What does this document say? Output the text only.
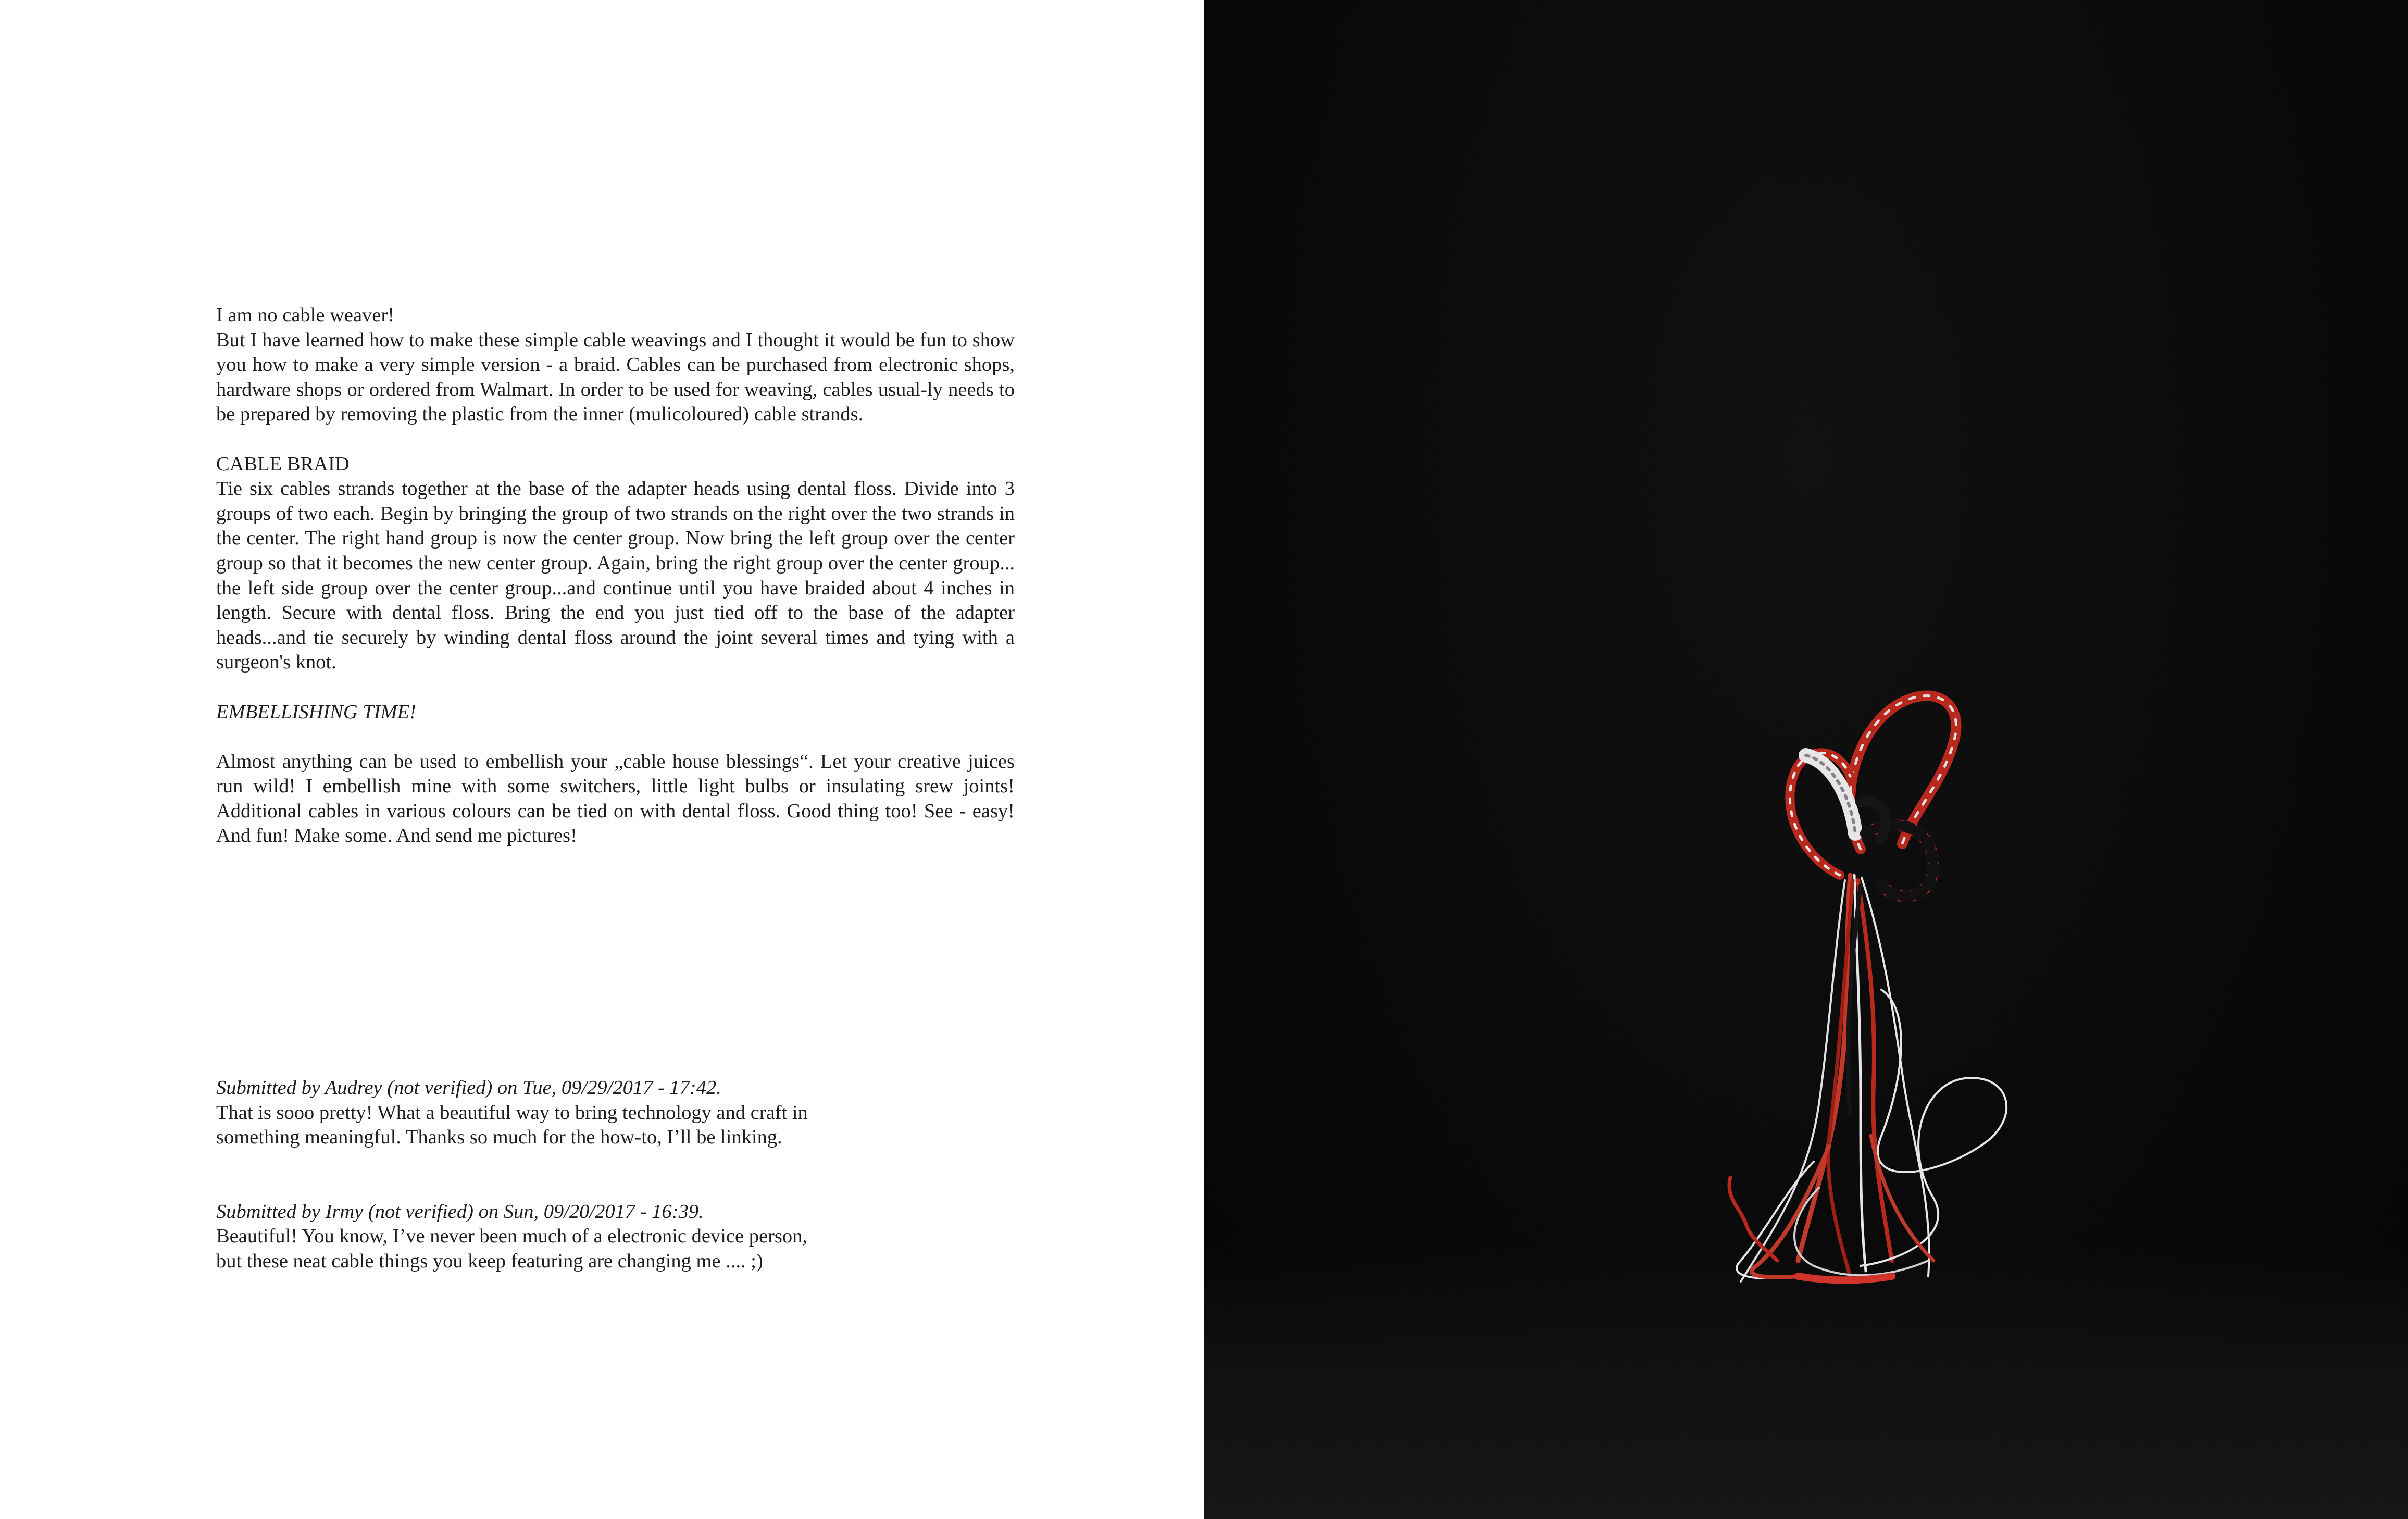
I am no cable weaver!

But I have learned how to make these simple cable weavings and I thought it would be fun to show you how to make a very simple version - a braid. Cables can be purchased from electronic shops, hardware shops or ordered from Walmart. In order to be used for weaving, cables usual-ly needs to be prepared by removing the plastic from the inner (mulicoloured) cable strands.

CABLE BRAID

Tie six cables strands together at the base of the adapter heads using dental floss. Divide into 3 groups of two each. Begin by bringing the group of two strands on the right over the two strands in the center. The right hand group is now the center group. Now bring the left group over the center group so that it becomes the new center group. Again, bring the right group over the center group... the left side group over the center group...and continue until you have braided about 4 inches in length. Secure with dental floss. Bring the end you just tied off to the base of the adapter heads...and tie securely by winding dental floss around the joint several times and tying with a surgeon's knot.

EMBELLISHING TIME!

Almost anything can be used to embellish your „cable house blessings“. Let your creative juices run wild! I embellish mine with some switchers, little light bulbs or insulating srew joints! Additional cables in various colours can be tied on with dental floss. Good thing too! See - easy! And fun! Make some. And send me pictures!

Submitted by Audrey (not verified) on Tue, 09/29/2017 - 17:42.
That is sooo pretty! What a beautiful way to bring technology and craft in something meaningful. Thanks so much for the how-to, I’ll be linking.
Submitted by Irmy (not verified) on Sun, 09/20/2017 - 16:39.
Beautiful! You know, I’ve never been much of a electronic device person, but these neat cable things you keep featuring are changing me .... ;)
